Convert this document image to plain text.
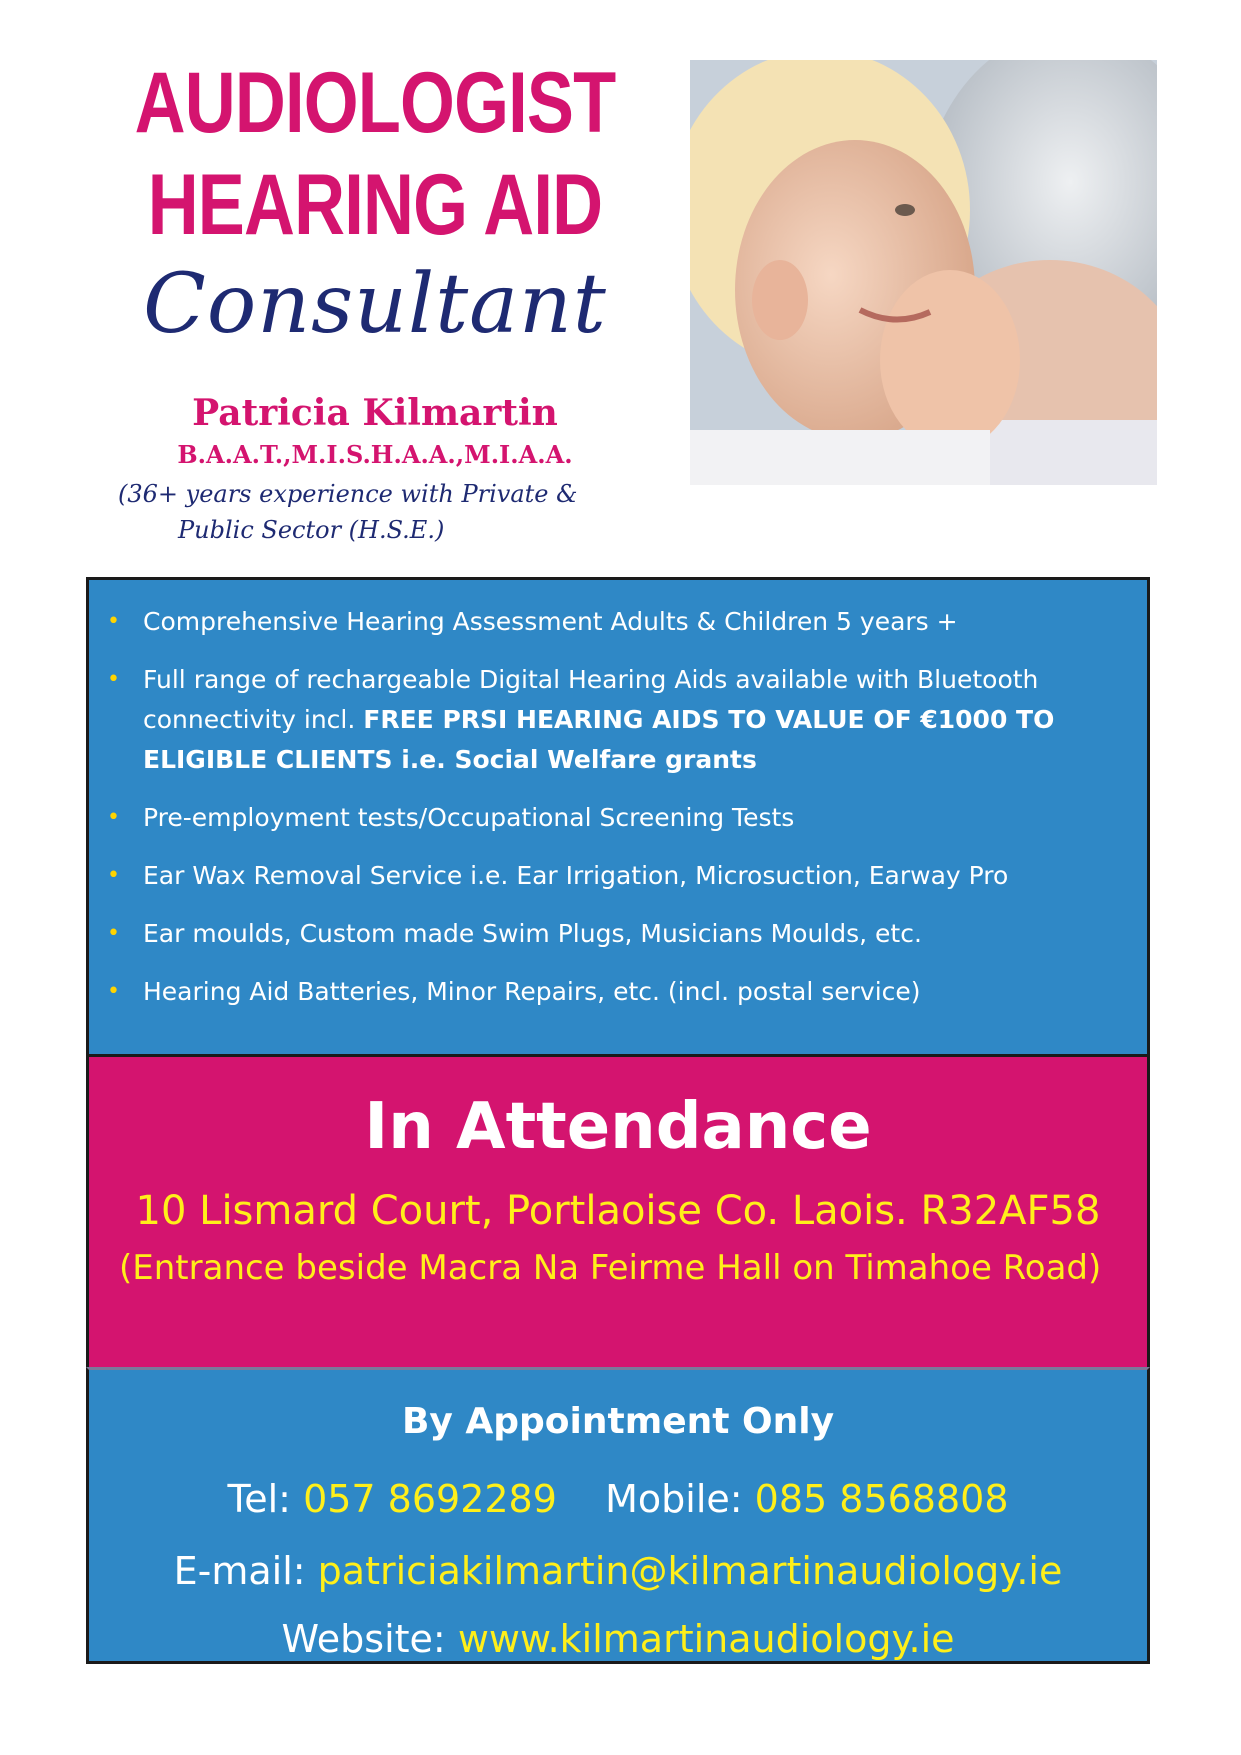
AUDIOLOGIST
HEARING AID
Consultant
Patricia Kilmartin
B.A.A.T.,M.I.S.H.A.A.,M.I.A.A.
(36+ years experience with Private &
Public Sector (H.S.E.)
• Comprehensive Hearing Assessment Adults & Children 5 years +
• Full range of rechargeable Digital Hearing Aids available with Bluetooth connectivity incl. FREE PRSI HEARING AIDS TO VALUE OF €1000 TO ELIGIBLE CLIENTS i.e. Social Welfare grants
• Pre-employment tests/Occupational Screening Tests
• Ear Wax Removal Service i.e. Ear Irrigation, Microsuction, Earway Pro
• Ear moulds, Custom made Swim Plugs, Musicians Moulds, etc.
• Hearing Aid Batteries, Minor Repairs, etc. (incl. postal service)
In Attendance
10 Lismard Court, Portlaoise Co. Laois. R32AF58
(Entrance beside Macra Na Feirme Hall on Timahoe Road)
By Appointment Only
Tel: 057 8692289 Mobile: 085 8568808
E-mail: patriciakilmartin@kilmartinaudiology.ie
Website: www.kilmartinaudiology.ie
